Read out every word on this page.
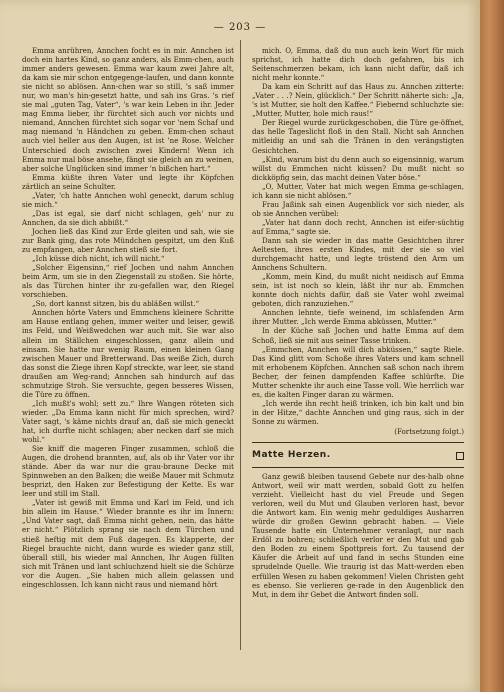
— 203 —

Emma anrühren, Annchen focht es in mir. Annchen ist doch ein hartes Kind, so ganz anders, als Emm-chen, auch immer anders gewesen. Emma war kaum zwei Jahre alt, da kam sie mir schon entgegenge-laufen, und dann konnte sie nicht so ablösen. Ann-chen war so still, 's saß immer nur, wo man's hin-gesetzt hatte, und sah ins Gras. 's rief sie mal „guten Tag, Vater“, 's war kein Leben in ihr. Jeder mag Emma lieber, ihr fürchtet sich auch vor nichts und niemand, Annchen fürchtet sich sogar vor 'nem Schaf und mag niemand 'n Händchen zu geben. Emm-chen schaut auch viel heller aus den Augen, ist ist 'ne Rose. Welcher Unterschied doch zwischen zwei Kindern! Wenn ich Emma nur mal böse ansehe, fängt sie gleich an zu weinen, aber solche Unglücken sind immer 'n bißchen hart.“

Emma küßte ihren Vater und legte ihr Köpfchen zärtlich an seine Schulter.

„Vater, 'ch hatte Annchen wohl geneckt, darum schlug sie mich.“

„Das ist egal, sie darf nicht schlagen, geh' nur zu Annchen, da sie dich abbißt.“

Jochen ließ das Kind zur Erde gleiten und sah, wie sie zur Bank ging, das rote Mündchen gespitzt, um den Kuß zu empfangen, aber Annchen stieß sie fort.

„Ich küsse dich nicht, ich will nicht.“

„Solcher Eigensinn,“ rief Jochen und nahm Annchen beim Arm, um sie in den Ziegenstall zu stoßen. Sie hörte, als das Türchen hinter ihr zu-gefallen war, den Riegel vorschieben.

„So, dort kannst sitzen, bis du abläßen willst.“

Annchen hörte Vaters und Emmchens kleinere Schritte am Hause entlang gehen, immer weiter und leiser, gewiß ins Feld, und Weißwedchen war auch mit. Sie war also allein im Ställchen eingeschlossen, ganz allein und einsam. Sie hatte nur wenig Raum, einen kleinen Gang zwischen Mauer und Bretterwand. Das weiße Zich, durch das sonst die Ziege ihren Kopf streckte, war leer, sie stand draußen am Weg-rand; Annchen sah hindurch auf das schmutzige Stroh. Sie versuchte, gegen besseres Wissen, die Türe zu öffnen.

„Ich mußt's wohl; sett zu.“ Ihre Wangen röteten sich wieder. „Da Emma kann nicht für mich sprechen, wird? Vater sagt, 's käme nichts drauf an, daß sie mich geneckt hat, ich durfte nicht schlagen; aber necken darf sie mich wohl.“

Sie kniff die mageren Finger zusammen, schloß die Augen, die drohend brannten, auf, als ob ihr Vater vor ihr stände. Aber da war nur die grau-braune Decke mit Spinnweben an den Balken; die weiße Mauer mit Schmutz besprizt, den Haken zur Befestigung der Kette. Es war leer und still im Stall.

„Vater ist gewiß mit Emma und Karl im Feld, und ich bin allein im Hause.“ Wieder brannte es ihr im Innern: „Und Vater sagt, daß Emma nicht gehen, nein, das hätte er nicht.“ Plötzlich sprang sie nach dem Türchen und stieß heftig mit dem Fuß dagegen. Es klapperte, der Riegel brauchte nicht, dann wurde es wieder ganz still, überall still, bis wieder mal Annchen, Ihr Augen füllten sich mit Tränen und lant schluchzend hielt sie die Schürze vor die Augen. „Sie haben mich allein gelassen und eingeschlossen. Ich kann nicht raus und niemand hört

mich. O, Emma, daß du nun auch kein Wort für mich sprichst, ich hatte dich doch gefahren, bis ich Seitenschmerzen bekam, ich kann nicht dafür, daß ich nicht mehr konnte.“

Da kam ein Schritt auf das Haus zu. Annchen zitterte: „Vater . . .? Nein, glücklich.“ Der Schritt näherte sich: „Ja, 's ist Mutter, sie holt den Kaffee.“ Fiebernd schluchzte sie: „Mutter, Mutter, hole mich raus!“

Der Riegel wurde zurückgeschoben, die Türe ge-öffnet, das helle Tageslicht floß in den Stall. Nicht sah Annchen mitleidig an und sah die Tränen in den verängstigten Gesichtchen.

„Kind, warum bist du denn auch so eigensinnig, warum willst du Emmchen nicht küssen? Du mußt nicht so dickköpfig sein, das macht deinen Vater böse.“

„O, Mutter, Vater hat mich wegen Emma ge-schlagen, ich kann sie nicht ablösen.“

Frau Jaßink sah einen Augenblick vor sich nieder, als ob sie Annchen verübel:

„Vater hat dann doch recht, Annchen ist eifer-süchtig auf Emma,“ sagte sie.

Dann sah sie wieder in das matte Gesichtchen ihrer Aeltesten, ihres ersten Kindes, mit der sie so viel durchgemacht hatte, und legte tröstend den Arm um Annchens Schultern.

„Komm, mein Kind, du mußt nicht neidisch auf Emma sein, ist ist noch so klein, läßt ihr nur ab. Emmchen konnte doch nichts dafür, daß sie Vater wohl zweimal geboten, dich ranzuziehen.“

Annchen lehnte, tiefe weinend, im schlafenden Arm ihrer Mutter. „Ich werde Emma abküssen, Mutter.“

In der Küche saß Jochen und hatte Emma auf dem Schoß, ließ sie mit aus seiner Tasse trinken.

„Emmchen, Annchen will dich abküssen,“ sagte Riele. Das Kind glitt vom Schoße ihres Vaters und kam schnell mit erhobenem Köpfchen. Annchen saß schon nach ihrem Becher, der feinen dampfenden Kaffee schlürfte. Die Mutter schenkte ihr auch eine Tasse voll. Wie herrlich war es, die kalten Finger daran zu wärmen.

„Ich werde ihn recht heiß trinken, ich bin kalt und bin in der Hitze,“ dachte Annchen und ging raus, sich in der Sonne zu wärmen.

(Fortsetzung folgt.)
Matte Herzen.

Ganz gewiß bleiben tausend Gebete nur des-halb ohne Antwort, weil wir matt werden, sobald Gott zu helfen verzieht. Vielleicht hast du viel Freude und Segen verloren, weil du Mut und Glauben verloren hast, bevor die Antwort kam. Ein wenig mehr geduldiges Ausharren würde dir großen Gewinn gebracht haben. — Viele Tausende hatte ein Unternehmer veranlagt, nur nach Erdöl zu bohren; schließlich verlor er den Mut und gab den Boden zu einem Spottpreis fort. Zu tausend der Käufer die Arbeit auf und fand in sechs Stunden eine sprudelnde Quelle. Wie traurig ist das Matt-werden eben erfüllen Wesen zu haben gekommen! Vielen Christen geht es ebenso. Sie verlieren ge-rade in den Augenblick den Mut, in dem ihr Gebet die Antwort finden soll.
